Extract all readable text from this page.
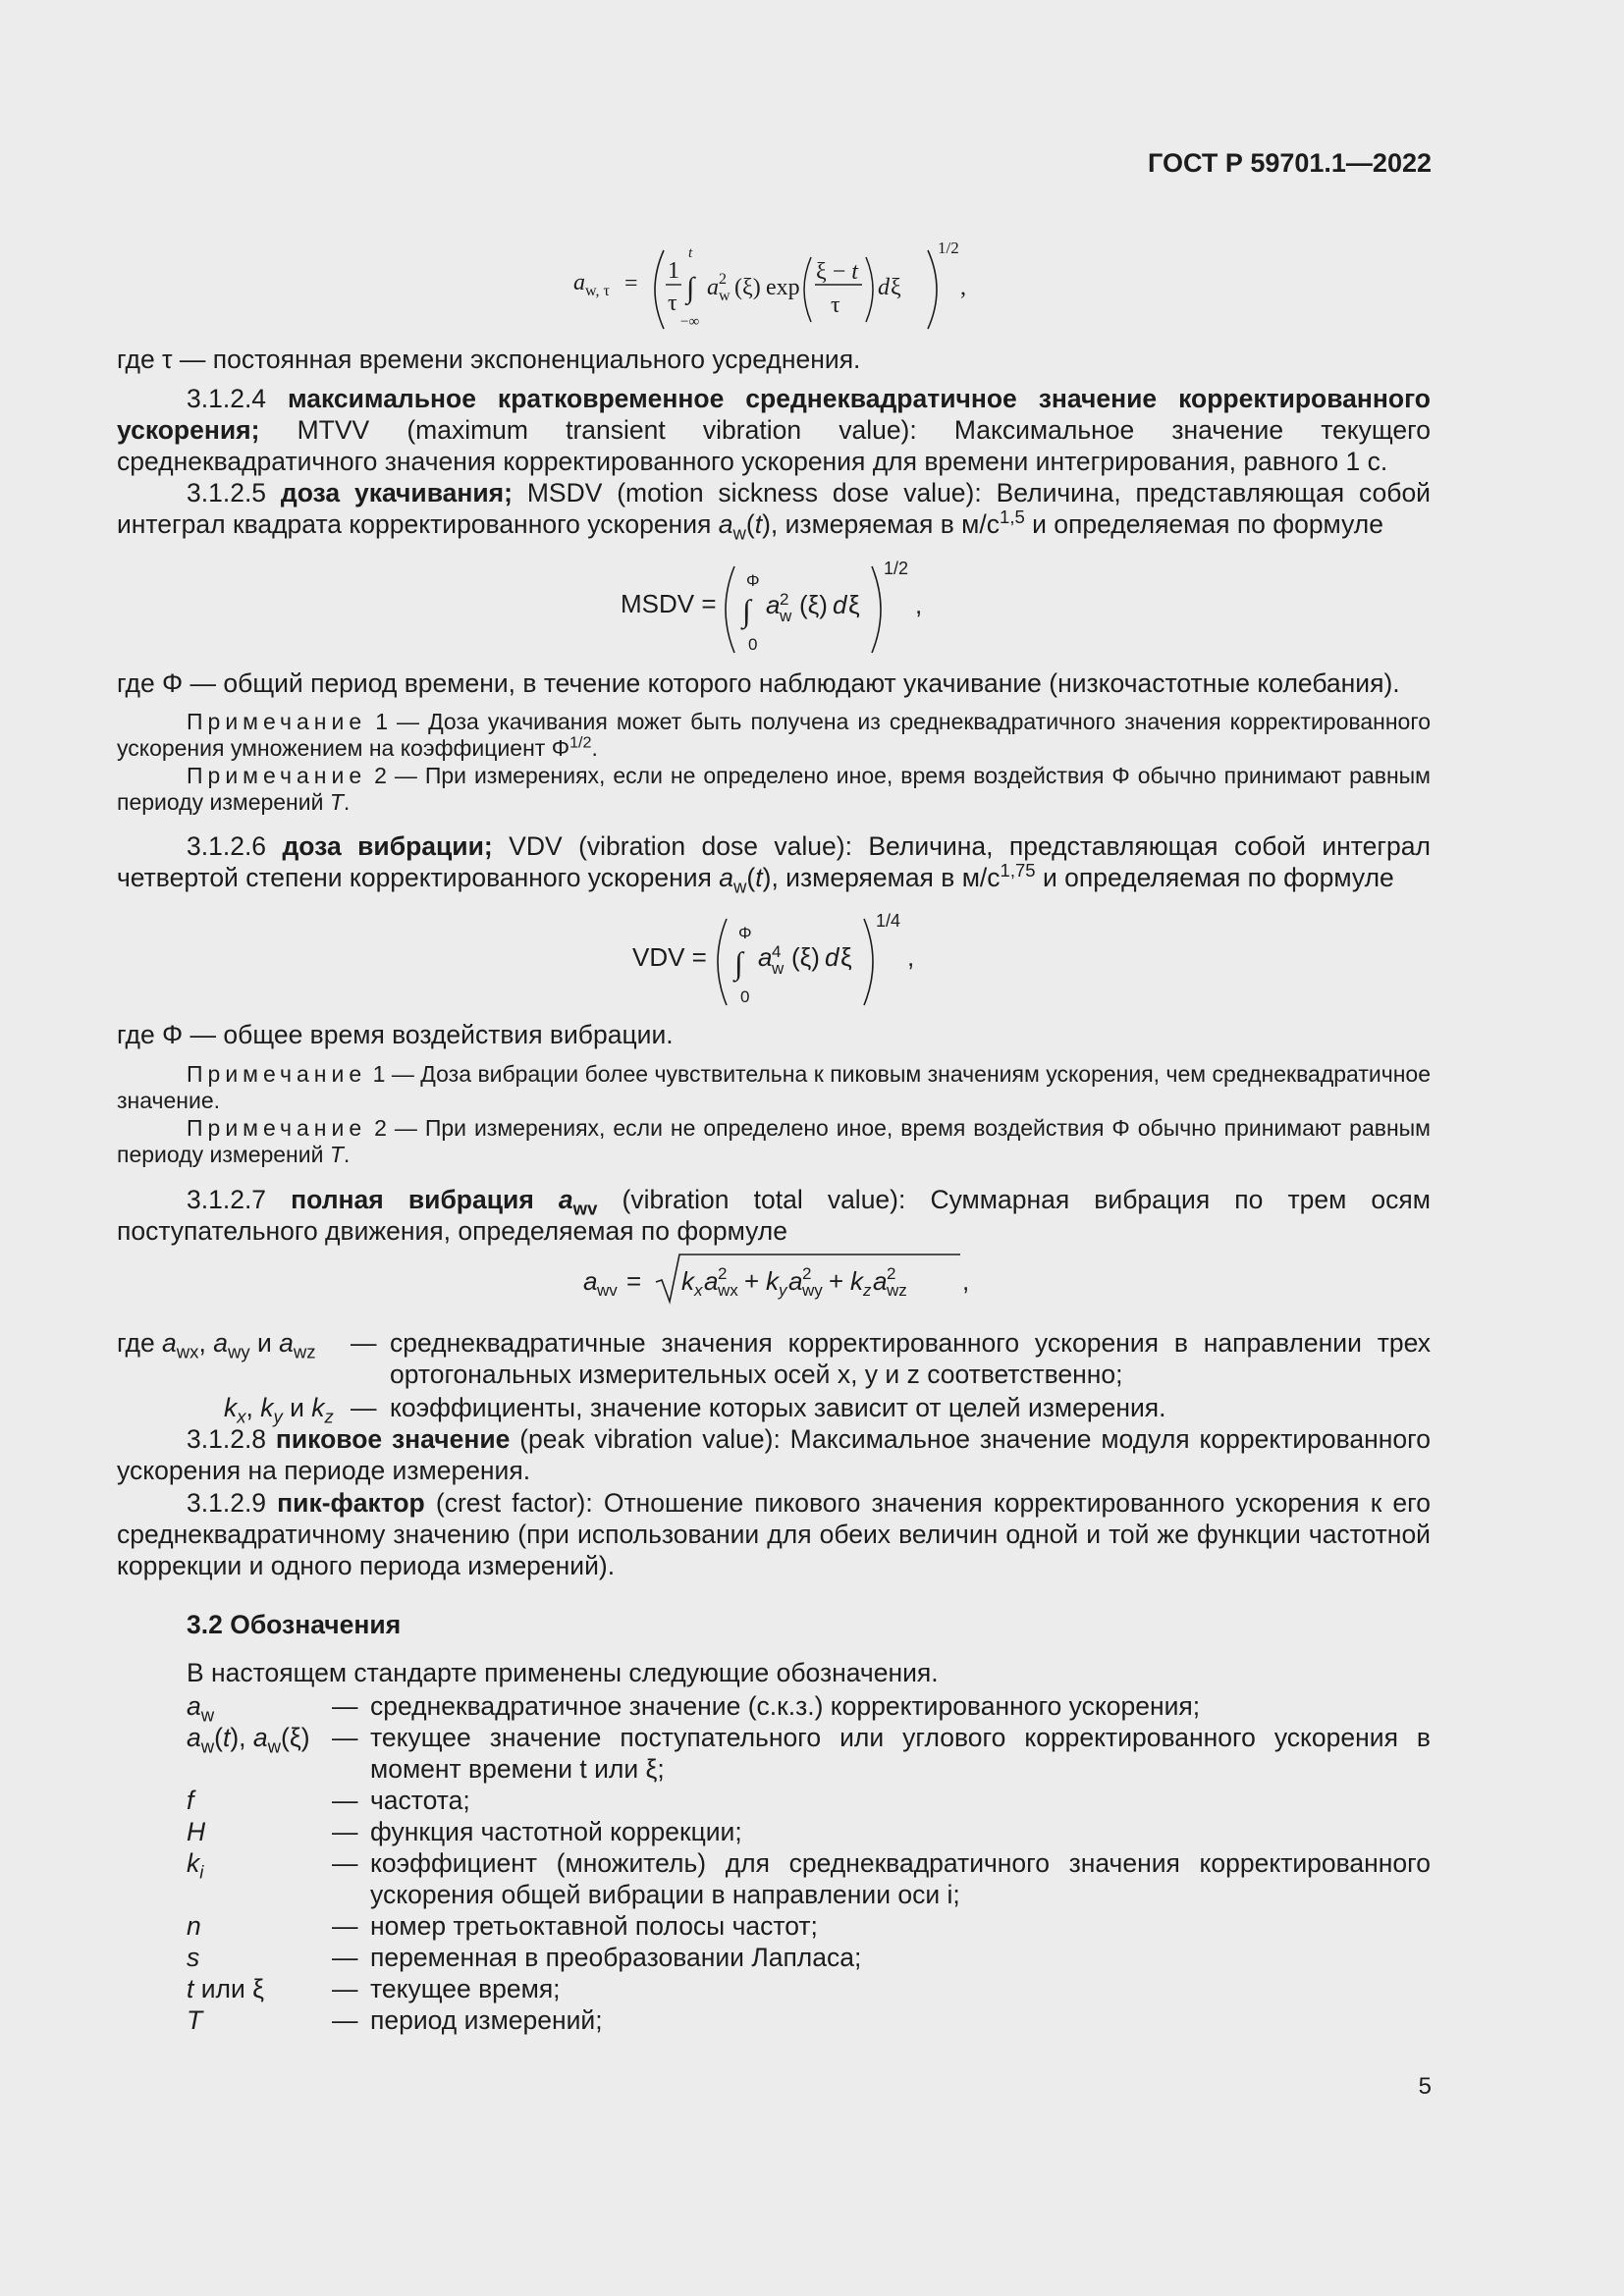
ГОСТ Р 59701.1—2022
a w, τ = 1
τ ∫
t
−∞
a 2
w (ξ) exp
ξ − t
τ
d ξ
1/2
,
где τ — постоянная времени экспоненциального усреднения.
3.1.2.4 максимальное кратковременное среднеквадратичное значение корректированного ускорения; MTVV (maximum transient vibration value): Максимальное значение текущего среднеквадратичного значения корректированного ускорения для времени интегрирования, равного 1 с.
3.1.2.5 доза укачивания; MSDV (motion sickness dose value): Величина, представляющая собой интеграл квадрата корректированного ускорения $a_w(t)$, измеряемая в $м/с^{1,5}$ и определяемая по формуле
MSDV =
Φ
∫
0
a 2
w (ξ) d ξ
1/2
,
где Φ — общий период времени, в течение которого наблюдают укачивание (низкочастотные колебания).
Примечание 1 — Доза укачивания может быть получена из среднеквадратичного значения корректированного ускорения умножением на коэффициент $\Phi^{1/2}$.
Примечание 2 — При измерениях, если не определено иное, время воздействия Φ обычно принимают равным периоду измерений T.
3.1.2.6 доза вибрации; VDV (vibration dose value): Величина, представляющая собой интеграл четвертой степени корректированного ускорения $a_w(t)$, измеряемая в $м/с^{1,75}$ и определяемая по формуле
VDV =
Φ
∫
0
a 4
w (ξ) d ξ
1/4
,
где Φ — общее время воздействия вибрации.
Примечание 1 — Доза вибрации более чувствительна к пиковым значениям ускорения, чем среднеквадратичное значение.
Примечание 2 — При измерениях, если не определено иное, время воздействия Φ обычно принимают равным периоду измерений T.
3.1.2.7 полная вибрация $a_{wv}$ (vibration total value): Суммарная вибрация по трем осям поступательного движения, определяемая по формуле
a wv = k x a 2
wx + k y a 2
wy + k z a 2
wz ,
где $a_{wx}$, $a_{wy}$ и $a_{wz}$ — среднеквадратичные значения корректированного ускорения в направлении трех ортогональных измерительных осей x, y и z соответственно;
$k_x$, $k_y$ и $k_z$ — коэффициенты, значение которых зависит от целей измерения.
3.1.2.8 пиковое значение (peak vibration value): Максимальное значение модуля корректированного ускорения на периоде измерения.
3.1.2.9 пик-фактор (crest factor): Отношение пикового значения корректированного ускорения к его среднеквадратичному значению (при использовании для обеих величин одной и той же функции частотной коррекции и одного периода измерений).
3.2 Обозначения
В настоящем стандарте применены следующие обозначения.
$a_w$	— среднеквадратичное значение (с.к.з.) корректированного ускорения;
$a_w(t)$, $a_w(\xi)$ — текущее значение поступательного или углового корректированного ускорения в момент времени t или ξ;
f	— частота;
H	— функция частотной коррекции;
$k_i$	— коэффициент (множитель) для среднеквадратичного значения корректированного ускорения общей вибрации в направлении оси i;
n	— номер третьоктавной полосы частот;
s	— переменная в преобразовании Лапласа;
t или ξ	— текущее время;
T	— период измерений;
5
